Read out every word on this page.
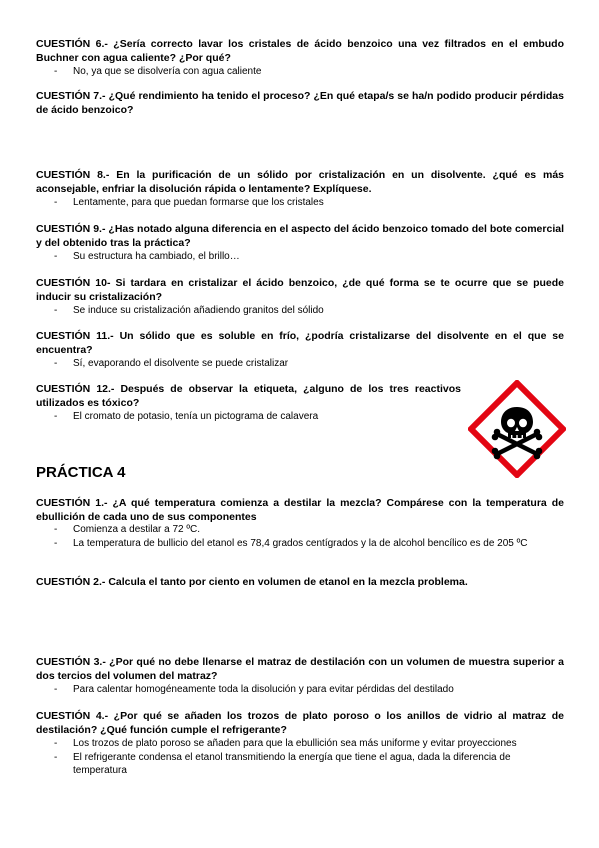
CUESTIÓN 6.- ¿Sería correcto lavar los cristales de ácido benzoico una vez filtrados en el embudo Buchner con agua caliente? ¿Por qué?
- No, ya que se disolvería con agua caliente
CUESTIÓN 7.- ¿Qué rendimiento ha tenido el proceso? ¿En qué etapa/s se ha/n podido producir pérdidas de ácido benzoico?
CUESTIÓN 8.- En la purificación de un sólido por cristalización en un disolvente. ¿qué es más aconsejable, enfriar la disolución rápida o lentamente? Explíquese.
- Lentamente, para que puedan formarse que los cristales
CUESTIÓN 9.- ¿Has notado alguna diferencia en el aspecto del ácido benzoico tomado del bote comercial y del obtenido tras la práctica?
- Su estructura ha cambiado, el brillo…
CUESTIÓN 10- Si tardara en cristalizar el ácido benzoico, ¿de qué forma se te ocurre que se puede inducir su cristalización?
- Se induce su cristalización añadiendo granitos del sólido
CUESTIÓN 11.- Un sólido que es soluble en frío, ¿podría cristalizarse del disolvente en el que se encuentra?
- Sí, evaporando el disolvente se puede cristalizar
CUESTIÓN 12.- Después de observar la etiqueta, ¿alguno de los tres reactivos utilizados es tóxico?
- El cromato de potasio, tenía un pictograma de calavera
PRÁCTICA 4
CUESTIÓN 1.- ¿A qué temperatura comienza a destilar la mezcla? Compárese con la temperatura de ebullición de cada uno de sus componentes
- Comienza a destilar a 72 ºC.
- La temperatura de bullicio del etanol es 78,4 grados centígrados y la de alcohol bencílico es de 205 ºC
CUESTIÓN 2.- Calcula el tanto por ciento en volumen de etanol en la mezcla problema.
CUESTIÓN 3.- ¿Por qué no debe llenarse el matraz de destilación con un volumen de muestra superior a dos tercios del volumen del matraz?
- Para calentar homogéneamente toda la disolución y para evitar pérdidas del destilado
CUESTIÓN 4.- ¿Por qué se añaden los trozos de plato poroso o los anillos de vidrio al matraz de destilación? ¿Qué función cumple el refrigerante?
- Los trozos de plato poroso se añaden para que la ebullición sea más uniforme y evitar proyecciones
- El refrigerante condensa el etanol transmitiendo la energía que tiene el agua, dada la diferencia de temperatura
